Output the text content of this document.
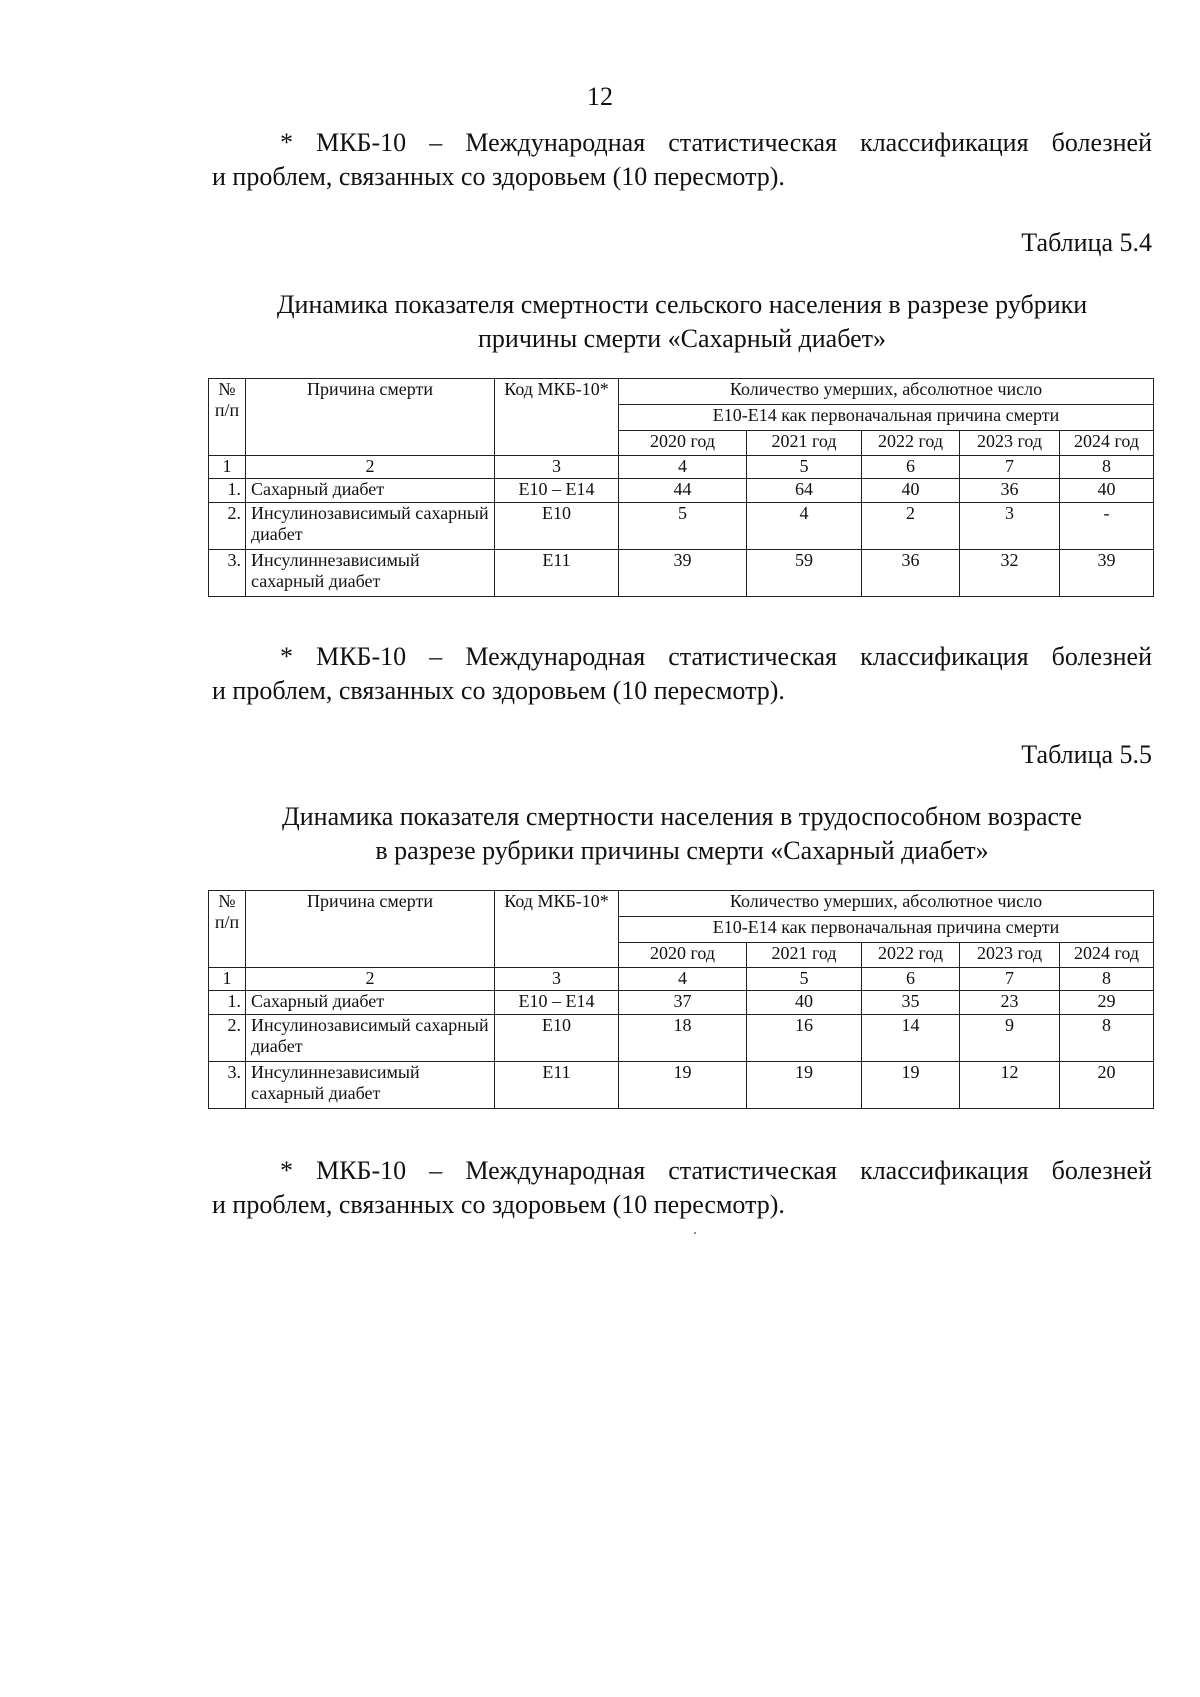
12
* МКБ-10 – Международная статистическая классификация болезней
и проблем, связанных со здоровьем (10 пересмотр).
Таблица 5.4
Динамика показателя смертности сельского населения в разрезе рубрики
причины смерти «Сахарный диабет»
№ п/п	Причина смерти	Код МКБ-10*	Количество умерших, абсолютное число				
			Е10-Е14 как первоначальная причина смерти				
			2020 год	2021 год	2022 год	2023 год	2024 год
1	2	3	4	5	6	7	8
1.	Сахарный диабет	Е10 – Е14	44	64	40	36	40
2.	Инсулинозависимый сахарный диабет	Е10	5	4	2	3	-
3.	Инсулиннезависимый сахарный диабет	Е11	39	59	36	32	39
* МКБ-10 – Международная статистическая классификация болезней
и проблем, связанных со здоровьем (10 пересмотр).
Таблица 5.5
Динамика показателя смертности населения в трудоспособном возрасте
в разрезе рубрики причины смерти «Сахарный диабет»
№ п/п	Причина смерти	Код МКБ-10*	Количество умерших, абсолютное число				
			Е10-Е14 как первоначальная причина смерти				
			2020 год	2021 год	2022 год	2023 год	2024 год
1	2	3	4	5	6	7	8
1.	Сахарный диабет	Е10 – Е14	37	40	35	23	29
2.	Инсулинозависимый сахарный диабет	Е10	18	16	14	9	8
3.	Инсулиннезависимый сахарный диабет	Е11	19	19	19	12	20
* МКБ-10 – Международная статистическая классификация болезней
и проблем, связанных со здоровьем (10 пересмотр).
